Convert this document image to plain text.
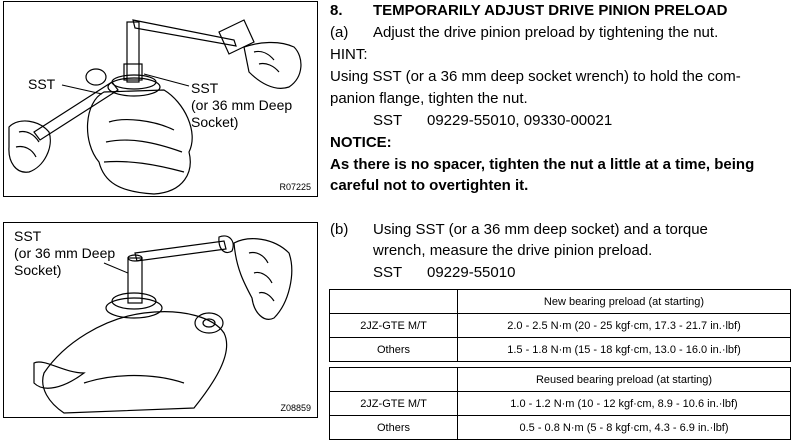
SST	SST
(or 36 mm Deep
Socket)
R07225
SST
(or 36 mm Deep
Socket)
Z08859
8. TEMPORARILY ADJUST DRIVE PINION PRELOAD
(a) Adjust the drive pinion preload by tightening the nut.
HINT:
Using SST (or a 36 mm deep socket wrench) to hold the com-
panion flange, tighten the nut.
SST 09229-55010, 09330-00021
NOTICE:
As there is no spacer, tighten the nut a little at a time, being
careful not to overtighten it.
(b) Using SST (or a 36 mm deep socket) and a torque
wrench, measure the drive pinion preload.
SST 09229-55010
	New bearing preload (at starting)
2JZ-GTE M/T	2.0 - 2.5 N·m (20 - 25 kgf·cm, 17.3 - 21.7 in.·lbf)
Others	1.5 - 1.8 N·m (15 - 18 kgf·cm, 13.0 - 16.0 in.·lbf)
	Reused bearing preload (at starting)
2JZ-GTE M/T	1.0 - 1.2 N·m (10 - 12 kgf·cm, 8.9 - 10.6 in.·lbf)
Others	0.5 - 0.8 N·m (5 - 8 kgf·cm, 4.3 - 6.9 in.·lbf)
